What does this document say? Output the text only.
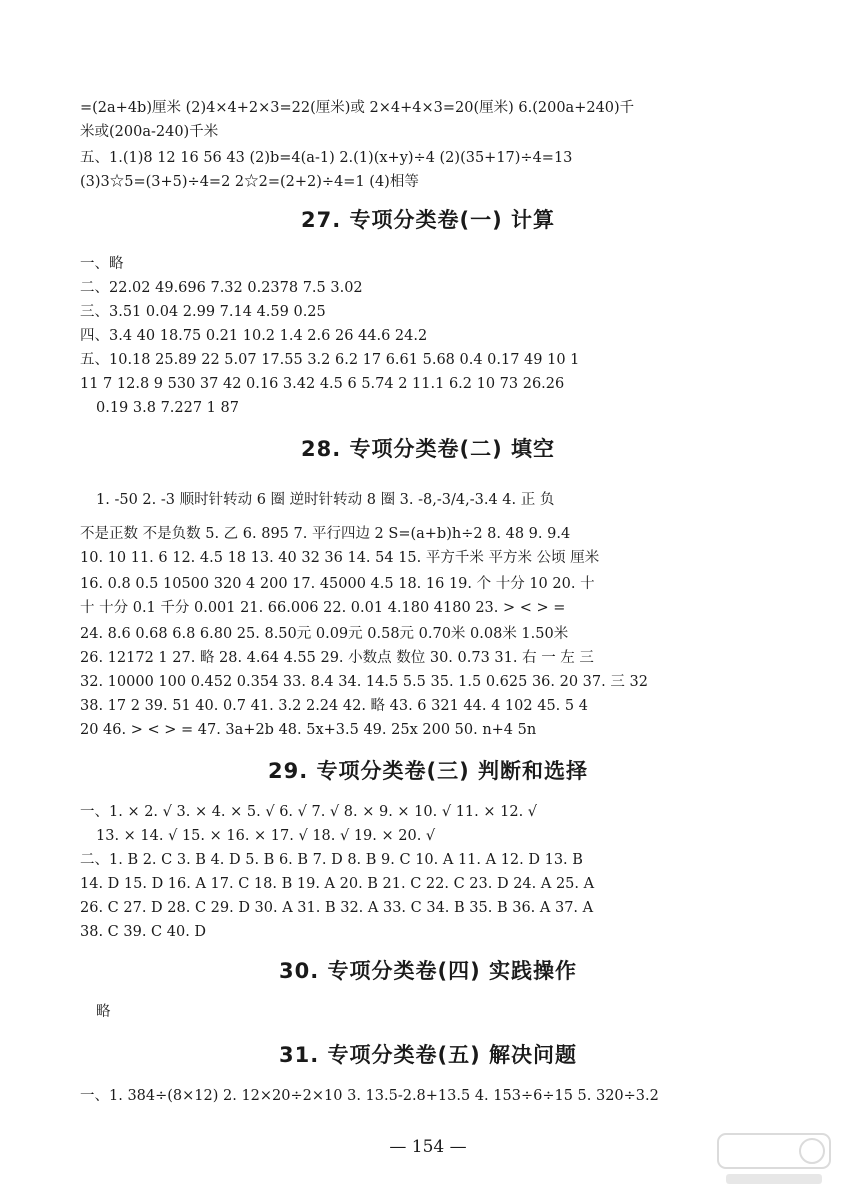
=(2a+4b)厘米 (2)4×4+2×3=22(厘米)或 2×4+4×3=20(厘米) 6.(200a+240)千
米或(200a-240)千米
五、1.(1)8 12 16 56 43 (2)b=4(a-1) 2.(1)(x+y)÷4 (2)(35+17)÷4=13
(3)3☆5=(3+5)÷4=2 2☆2=(2+2)÷4=1 (4)相等
27. 专项分类卷(一) 计算
一、略
二、22.02 49.696 7.32 0.2378 7.5 3.02
三、3.51 0.04 2.99 7.14 4.59 0.25
四、3.4 40 18.75 0.21 10.2 1.4 2.6 26 44.6 24.2
五、10.18 25.89 22 5.07 17.55 3.2 6.2 17 6.61 5.68 0.4 0.17 49 10 1
11 7 12.8 9 530 37 42 0.16 3.42 4.5 6 5.74 2 11.1 6.2 10 73 26.26
0.19 3.8 7.227 1 87
28. 专项分类卷(二) 填空
1. -50 2. -3 顺时针转动 6 圈 逆时针转动 8 圈 3. -8,-3/4,-3.4 4. 正 负
不是正数 不是负数 5. 乙 6. 895 7. 平行四边 2 S=(a+b)h÷2 8. 48 9. 9.4
10. 10 11. 6 12. 4.5 18 13. 40 32 36 14. 54 15. 平方千米 平方米 公顷 厘米
16. 0.8 0.5 10500 320 4 200 17. 45000 4.5 18. 16 19. 个 十分 10 20. 十
十 十分 0.1 千分 0.001 21. 66.006 22. 0.01 4.180 4180 23. > < > =
24. 8.6 0.68 6.8 6.80 25. 8.50元 0.09元 0.58元 0.70米 0.08米 1.50米
26. 12172 1 27. 略 28. 4.64 4.55 29. 小数点 数位 30. 0.73 31. 右 一 左 三
32. 10000 100 0.452 0.354 33. 8.4 34. 14.5 5.5 35. 1.5 0.625 36. 20 37. 三 32
38. 17 2 39. 51 40. 0.7 41. 3.2 2.24 42. 略 43. 6 321 44. 4 102 45. 5 4
20 46. > < > = 47. 3a+2b 48. 5x+3.5 49. 25x 200 50. n+4 5n
29. 专项分类卷(三) 判断和选择
一、1. × 2. √ 3. × 4. × 5. √ 6. √ 7. √ 8. × 9. × 10. √ 11. × 12. √
13. × 14. √ 15. × 16. × 17. √ 18. √ 19. × 20. √
二、1. B 2. C 3. B 4. D 5. B 6. B 7. D 8. B 9. C 10. A 11. A 12. D 13. B
14. D 15. D 16. A 17. C 18. B 19. A 20. B 21. C 22. C 23. D 24. A 25. A
26. C 27. D 28. C 29. D 30. A 31. B 32. A 33. C 34. B 35. B 36. A 37. A
38. C 39. C 40. D
30. 专项分类卷(四) 实践操作
略
31. 专项分类卷(五) 解决问题
一、1. 384÷(8×12) 2. 12×20÷2×10 3. 13.5-2.8+13.5 4. 153÷6÷15 5. 320÷3.2
— 154 —
